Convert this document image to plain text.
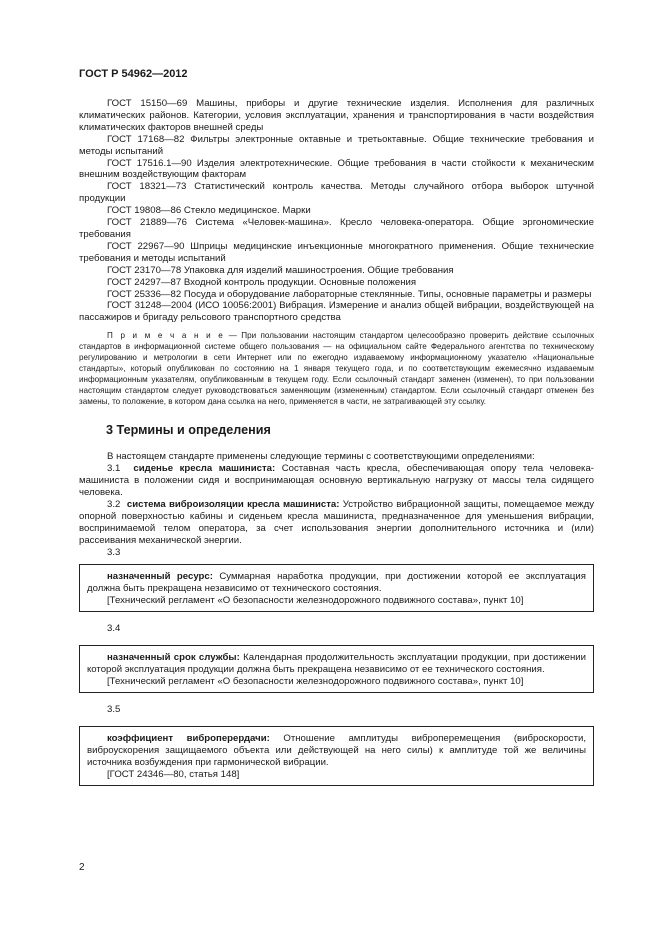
ГОСТ Р 54962—2012

ГОСТ 15150—69 Машины, приборы и другие технические изделия. Исполнения для различных климатических районов. Категории, условия эксплуатации, хранения и транспортирования в части воздействия климатических факторов внешней среды

ГОСТ 17168—82 Фильтры электронные октавные и третьоктавные. Общие технические требования и методы испытаний

ГОСТ 17516.1—90 Изделия электротехнические. Общие требования в части стойкости к механическим внешним воздействующим факторам

ГОСТ 18321—73 Статистический контроль качества. Методы случайного отбора выборок штучной продукции

ГОСТ 19808—86 Стекло медицинское. Марки

ГОСТ 21889—76 Система «Человек-машина». Кресло человека-оператора. Общие эргономические требования

ГОСТ 22967—90 Шприцы медицинские инъекционные многократного применения. Общие технические требования и методы испытаний

ГОСТ 23170—78 Упаковка для изделий машиностроения. Общие требования

ГОСТ 24297—87 Входной контроль продукции. Основные положения

ГОСТ 25336—82 Посуда и оборудование лабораторные стеклянные. Типы, основные параметры и размеры

ГОСТ 31248—2004 (ИСО 10056:2001) Вибрация. Измерение и анализ общей вибрации, воздействующей на пассажиров и бригаду рельсового транспортного средства

П р и м е ч а н и е — При пользовании настоящим стандартом целесообразно проверить действие ссылочных стандартов в информационной системе общего пользования — на официальном сайте Федерального агентства по техническому регулированию и метрологии в сети Интернет или по ежегодно издаваемому информационному указателю «Национальные стандарты», который опубликован по состоянию на 1 января текущего года, и по соответствующим ежемесячно издаваемым информационным указателям, опубликованным в текущем году. Если ссылочный стандарт заменен (изменен), то при пользовании настоящим стандартом следует руководствоваться заменяющим (измененным) стандартом. Если ссылочный стандарт отменен без замены, то положение, в котором дана ссылка на него, применяется в части, не затрагивающей эту ссылку.

3 Термины и определения

В настоящем стандарте применены следующие термины с соответствующими определениями:

3.1 сиденье кресла машиниста: Составная часть кресла, обеспечивающая опору тела человека-машиниста в положении сидя и воспринимающая основную вертикальную нагрузку от массы тела сидящего человека.

3.2 система виброизоляции кресла машиниста: Устройство вибрационной защиты, помещаемое между опорной поверхностью кабины и сиденьем кресла машиниста, предназначенное для уменьшения вибрации, воспринимаемой телом оператора, за счет использования энергии дополнительного источника и (или) рассеивания механической энергии.

3.3

назначенный ресурс: Суммарная наработка продукции, при достижении которой ее эксплуатация должна быть прекращена независимо от технического состояния.

[Технический регламент «О безопасности железнодорожного подвижного состава», пункт 10]

3.4

назначенный срок службы: Календарная продолжительность эксплуатации продукции, при достижении которой эксплуатация продукции должна быть прекращена независимо от ее технического состояния.

[Технический регламент «О безопасности железнодорожного подвижного состава», пункт 10]

3.5

коэффициент виброперердачи: Отношение амплитуды виброперемещения (виброскорости, виброускорения защищаемого объекта или действующей на него силы) к амплитуде той же величины источника возбуждения при гармонической вибрации.

[ГОСТ 24346—80, статья 148]

2
